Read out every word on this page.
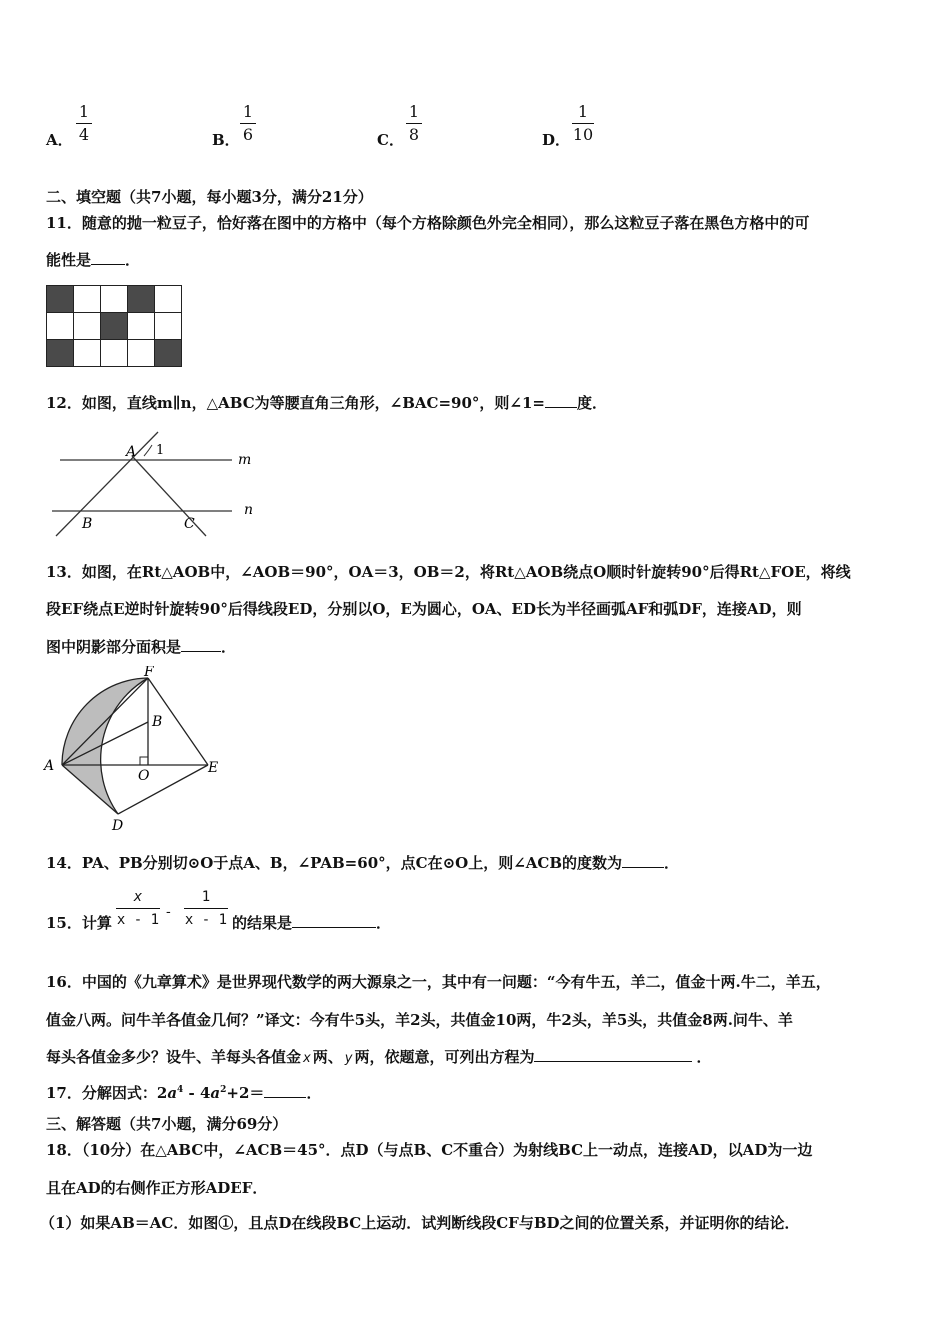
A．
1
4	B．
1
6	C．
1
8	D．
1
10
二、填空题（共7小题，每小题3分，满分21分）
11．随意的抛一粒豆子，恰好落在图中的方格中（每个方格除颜色外完全相同），那么这粒豆子落在黑色方格中的可
能性是 ．

12．如图，直线m∥n，△ABC为等腰直角三角形，∠BAC=90°，则∠1= 度．
A 1
m
n
B	C
13．如图，在Rt△AOB中，∠AOB＝90°，OA＝3，OB＝2，将Rt△AOB绕点O顺时针旋转90°后得Rt△FOE，将线
段EF绕点E逆时针旋转90°后得线段ED，分别以O，E为圆心，OA、ED长为半径画弧AF和弧DF，连接AD，则
图中阴影部分面积是	．
F
B
A
O	E
D
14．PA、PB分别切⊙O于点A、B，∠PAB=60°，点C在⊙O上，则∠ACB的度数为	．
15．计算
x
x - 1 -
1
x - 1 的结果是	．
16．中国的《九章算术》是世界现代数学的两大源泉之一，其中有一问题：“今有牛五，羊二，值金十两.牛二，羊五，
值金八两。问牛羊各值金几何？”译文：今有牛5头，羊2头，共值金10两，牛2头，羊5头，共值金8两.问牛、羊
每头各值金多少？设牛、羊每头各值金 x 两、 y 两，依题意，可列出方程为	．
17．分解因式：$2a^4 - 4a^2+2=$	．
三、解答题（共7小题，满分69分）
18．（10分）在△ABC中，∠ACB＝45°．点D（与点B、C不重合）为射线BC上一动点，连接AD，以AD为一边
且在AD的右侧作正方形ADEF．
（1）如果AB＝AC．如图①，且点D在线段BC上运动．试判断线段CF与BD之间的位置关系，并证明你的结论．
